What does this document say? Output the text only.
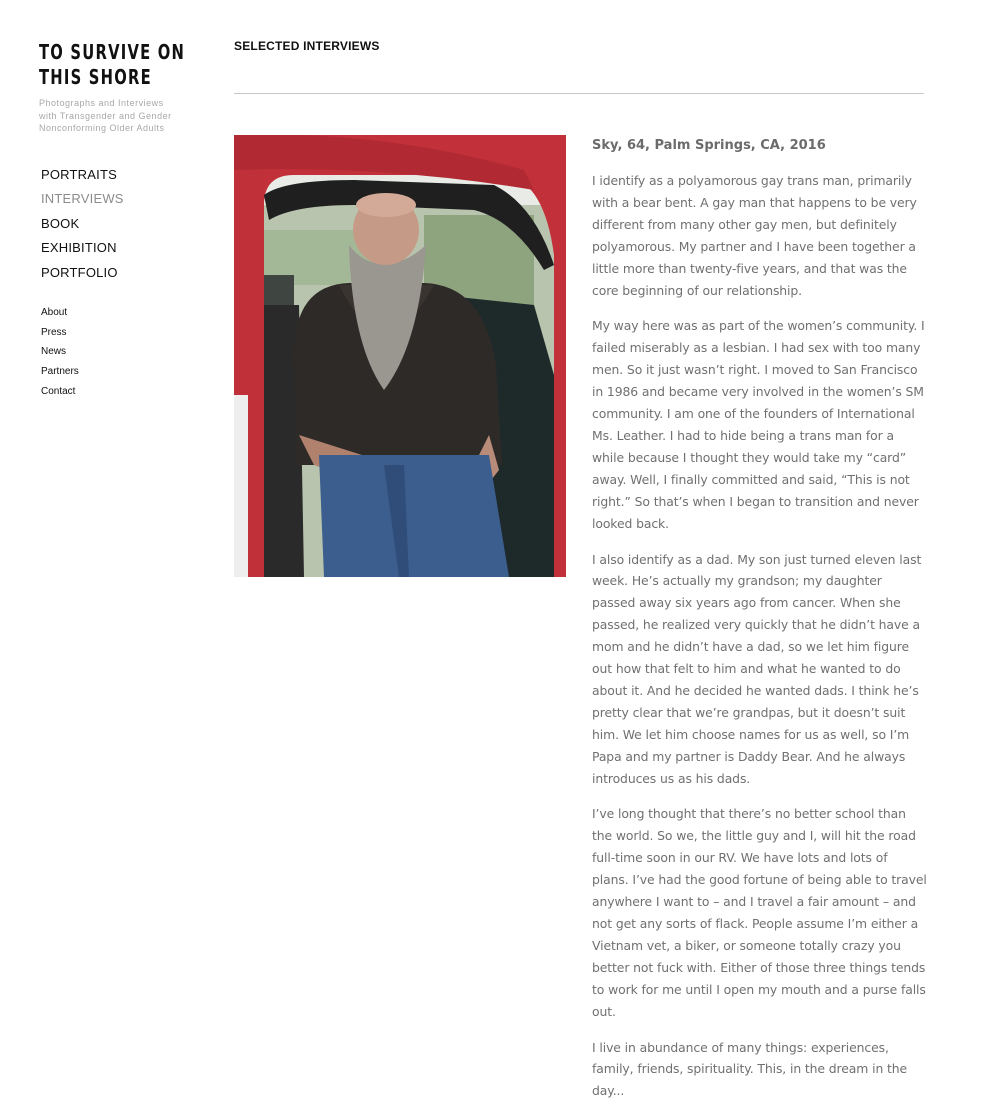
TO SURVIVE ON
THIS SHORE
Photographs and Interviews
with Transgender and Gender
Nonconforming Older Adults
PORTRAITS
INTERVIEWS
BOOK
EXHIBITION
PORTFOLIO
About
Press
News
Partners
Contact
SELECTED INTERVIEWS
Sky, 64, Palm Springs, CA, 2016

I identify as a polyamorous gay trans man, primarily with a bear bent. A gay man that happens to be very different from many other gay men, but definitely polyamorous. My partner and I have been together a little more than twenty-five years, and that was the core beginning of our relationship.

My way here was as part of the women’s community. I failed miserably as a lesbian. I had sex with too many men. So it just wasn’t right. I moved to San Francisco in 1986 and became very involved in the women’s SM community. I am one of the founders of International Ms. Leather. I had to hide being a trans man for a while because I thought they would take my “card” away. Well, I finally committed and said, “This is not right.” So that’s when I began to transition and never looked back.

I also identify as a dad. My son just turned eleven last week. He’s actually my grandson; my daughter passed away six years ago from cancer. When she passed, he realized very quickly that he didn’t have a mom and he didn’t have a dad, so we let him figure out how that felt to him and what he wanted to do about it. And he decided he wanted dads. I think he’s pretty clear that we’re grandpas, but it doesn’t suit him. We let him choose names for us as well, so I’m Papa and my partner is Daddy Bear. And he always introduces us as his dads.

I’ve long thought that there’s no better school than the world. So we, the little guy and I, will hit the road full-time soon in our RV. We have lots and lots of plans. I’ve had the good fortune of being able to travel anywhere I want to – and I travel a fair amount – and not get any sorts of flack. People assume I’m either a Vietnam vet, a biker, or someone totally crazy you better not fuck with. Either of those three things tends to work for me until I open my mouth and a purse falls out.

I live in abundance of many things: experiences, family, friends, spirituality. This, in the dream in the day...
